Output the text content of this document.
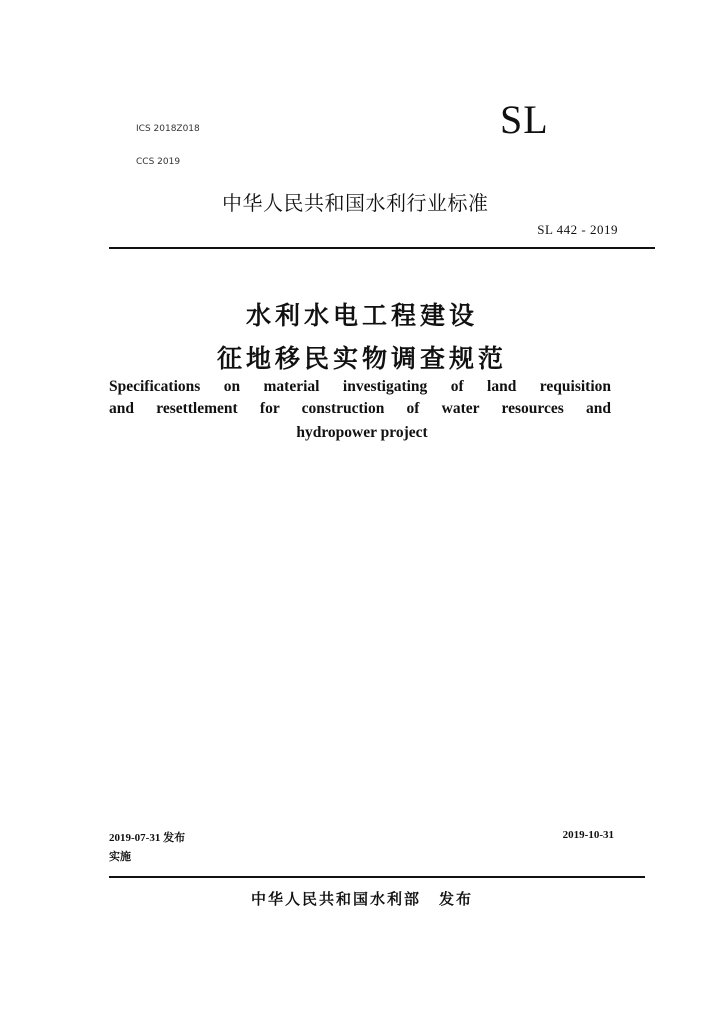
ICS 2018Z018
CCS 2019
SL
中华人民共和国水利行业标准
SL 442 - 2019
水利水电工程建设
征地移民实物调查规范
Specifications on material investigating of land requisition
and resettlement for construction of water resources and
hydropower project
2019-07-31 发布
实施
2019-10-31
中华人民共和国水利部 发布
